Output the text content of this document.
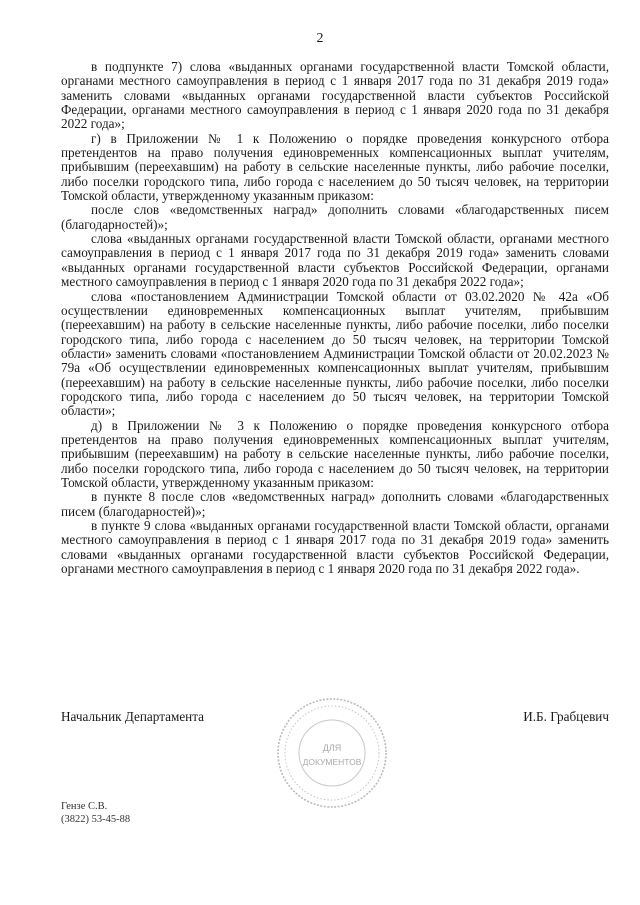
2

в подпункте 7) слова «выданных органами государственной власти Томской области, органами местного самоуправления в период с 1 января 2017 года по 31 декабря 2019 года» заменить словами «выданных органами государственной власти субъектов Российской Федерации, органами местного самоуправления в период с 1 января 2020 года по 31 декабря 2022 года»;

г) в Приложении № 1 к Положению о порядке проведения конкурсного отбора претендентов на право получения единовременных компенсационных выплат учителям, прибывшим (переехавшим) на работу в сельские населенные пункты, либо рабочие поселки, либо поселки городского типа, либо города с населением до 50 тысяч человек, на территории Томской области, утвержденному указанным приказом:

после слов «ведомственных наград» дополнить словами «благодарственных писем (благодарностей)»;

слова «выданных органами государственной власти Томской области, органами местного самоуправления в период с 1 января 2017 года по 31 декабря 2019 года» заменить словами «выданных органами государственной власти субъектов Российской Федерации, органами местного самоуправления в период с 1 января 2020 года по 31 декабря 2022 года»;

слова «постановлением Администрации Томской области от 03.02.2020 № 42а «Об осуществлении единовременных компенсационных выплат учителям, прибывшим (переехавшим) на работу в сельские населенные пункты, либо рабочие поселки, либо поселки городского типа, либо города с населением до 50 тысяч человек, на территории Томской области» заменить словами «постановлением Администрации Томской области от 20.02.2023 № 79а «Об осуществлении единовременных компенсационных выплат учителям, прибывшим (переехавшим) на работу в сельские населенные пункты, либо рабочие поселки, либо поселки городского типа, либо города с населением до 50 тысяч человек, на территории Томской области»;

д) в Приложении № 3 к Положению о порядке проведения конкурсного отбора претендентов на право получения единовременных компенсационных выплат учителям, прибывшим (переехавшим) на работу в сельские населенные пункты, либо рабочие поселки, либо поселки городского типа, либо города с населением до 50 тысяч человек, на территории Томской области, утвержденному указанным приказом:

в пункте 8 после слов «ведомственных наград» дополнить словами «благодарственных писем (благодарностей)»;

в пункте 9 слова «выданных органами государственной власти Томской области, органами местного самоуправления в период с 1 января 2017 года по 31 декабря 2019 года» заменить словами «выданных органами государственной власти субъектов Российской Федерации, органами местного самоуправления в период с 1 января 2020 года по 31 декабря 2022 года».

Начальник Департамента	И.Б. Грабцевич
ДЛЯ
ДОКУМЕНТОВ
Гензе С.В.
(3822) 53-45-88
